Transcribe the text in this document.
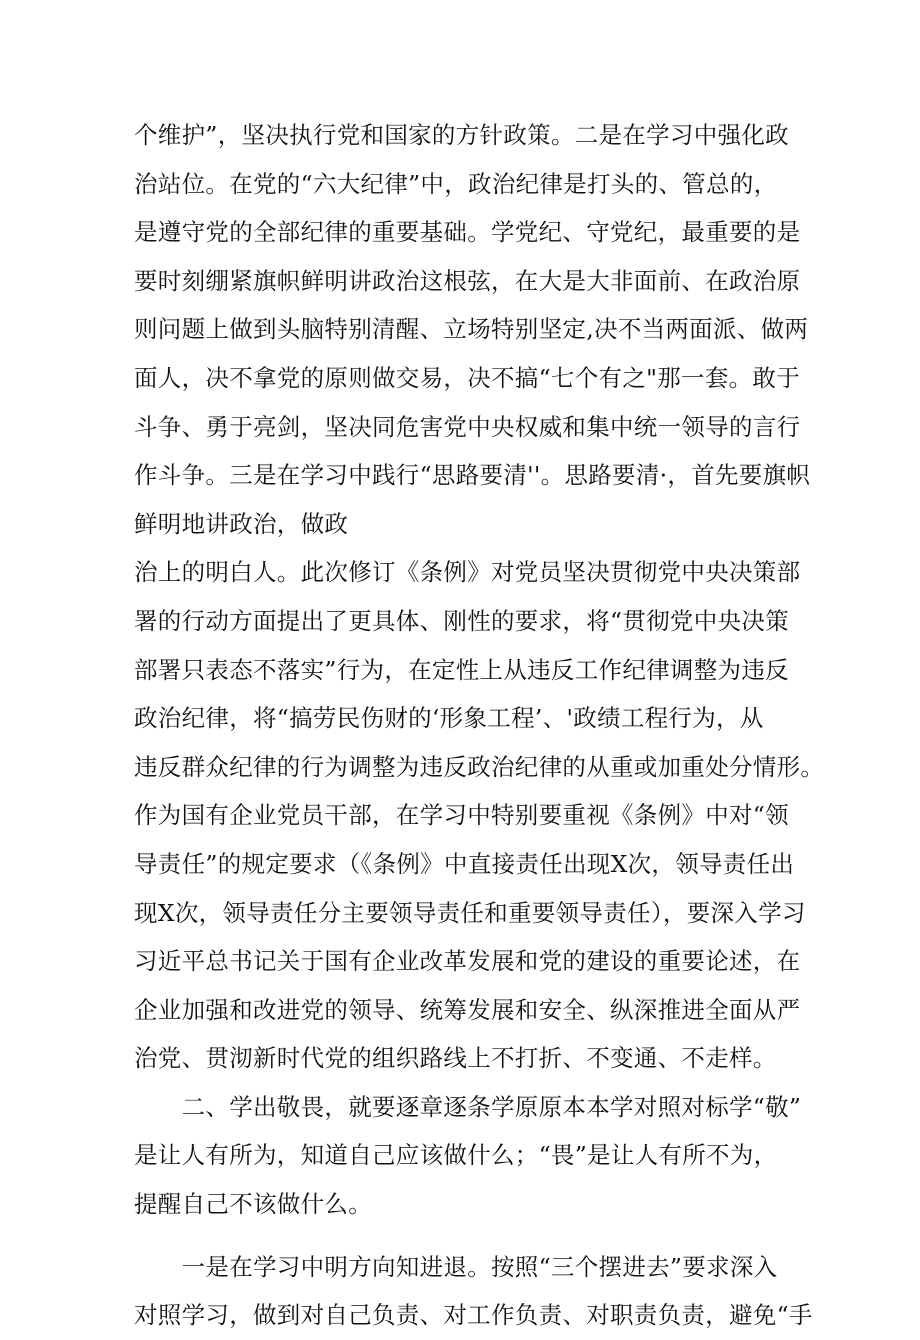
个维护”，坚决执行党和国家的方针政策。二是在学习中强化政
治站位。在党的“六大纪律”中，政治纪律是打头的、管总的，
是遵守党的全部纪律的重要基础。学党纪、守党纪，最重要的是
要时刻绷紧旗帜鲜明讲政治这根弦，在大是大非面前、在政治原
则问题上做到头脑特别清醒、立场特别坚定,决不当两面派、做两
面人，决不拿党的原则做交易，决不搞“七个有之"那一套。敢于
斗争、勇于亮剑，坚决同危害党中央权威和集中统一领导的言行
作斗争。三是在学习中践行“思路要清''。思路要清·，首先要旗帜
鲜明地讲政治，做政
治上的明白人。此次修订《条例》对党员坚决贯彻党中央决策部
署的行动方面提出了更具体、刚性的要求，将“贯彻党中央决策
部署只表态不落实”行为，在定性上从违反工作纪律调整为违反
政治纪律，将“搞劳民伤财的‘形象工程’、'政绩工程行为，从
违反群众纪律的行为调整为违反政治纪律的从重或加重处分情形。
作为国有企业党员干部，在学习中特别要重视《条例》中对“领
导责任”的规定要求（《条例》中直接责任出现X次，领导责任出
现X次，领导责任分主要领导责任和重要领导责任），要深入学习
习近平总书记关于国有企业改革发展和党的建设的重要论述，在
企业加强和改进党的领导、统筹发展和安全、纵深推进全面从严
治党、贯沏新时代党的组织路线上不打折、不变通、不走样。
　　二、学出敬畏，就要逐章逐条学原原本本学对照对标学“敬”
是让人有所为，知道自己应该做什么；“畏”是让人有所不为，
提醒自己不该做什么。
　　一是在学习中明方向知进退。按照“三个摆进去”要求深入
对照学习，做到对自己负责、对工作负责、对职责负责，避免“手
